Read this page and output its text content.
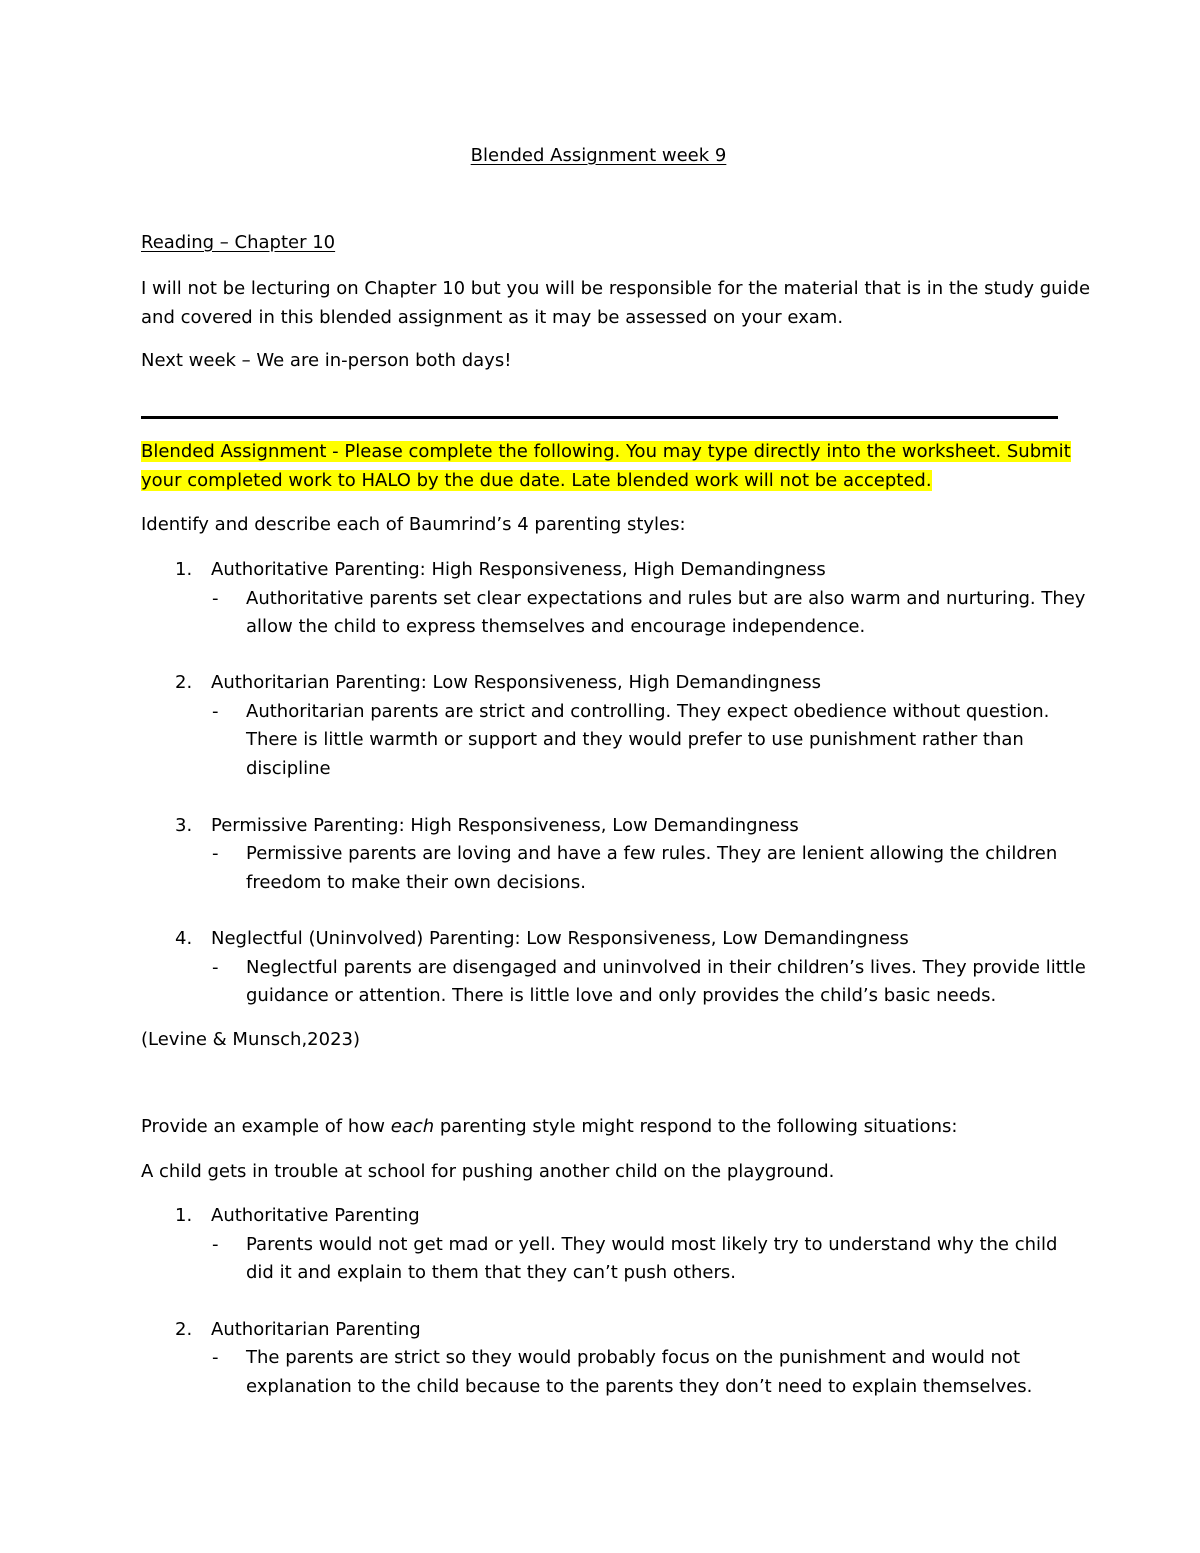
Blended Assignment week 9
Reading – Chapter 10
I will not be lecturing on Chapter 10 but you will be responsible for the material that is in the study guide
and covered in this blended assignment as it may be assessed on your exam.
Next week – We are in-person both days!
Blended Assignment - Please complete the following. You may type directly into the worksheet. Submit
your completed work to HALO by the due date. Late blended work will not be accepted.
Identify and describe each of Baumrind’s 4 parenting styles:
1. Authoritative Parenting: High Responsiveness, High Demandingness
- Authoritative parents set clear expectations and rules but are also warm and nurturing. They
allow the child to express themselves and encourage independence.
2. Authoritarian Parenting: Low Responsiveness, High Demandingness
- Authoritarian parents are strict and controlling. They expect obedience without question.
There is little warmth or support and they would prefer to use punishment rather than
discipline
3. Permissive Parenting: High Responsiveness, Low Demandingness
- Permissive parents are loving and have a few rules. They are lenient allowing the children
freedom to make their own decisions.
4. Neglectful (Uninvolved) Parenting: Low Responsiveness, Low Demandingness
- Neglectful parents are disengaged and uninvolved in their children’s lives. They provide little
guidance or attention. There is little love and only provides the child’s basic needs.
(Levine & Munsch,2023)
Provide an example of how each parenting style might respond to the following situations:
A child gets in trouble at school for pushing another child on the playground.
1. Authoritative Parenting
- Parents would not get mad or yell. They would most likely try to understand why the child
did it and explain to them that they can’t push others.
2. Authoritarian Parenting
- The parents are strict so they would probably focus on the punishment and would not
explanation to the child because to the parents they don’t need to explain themselves.
